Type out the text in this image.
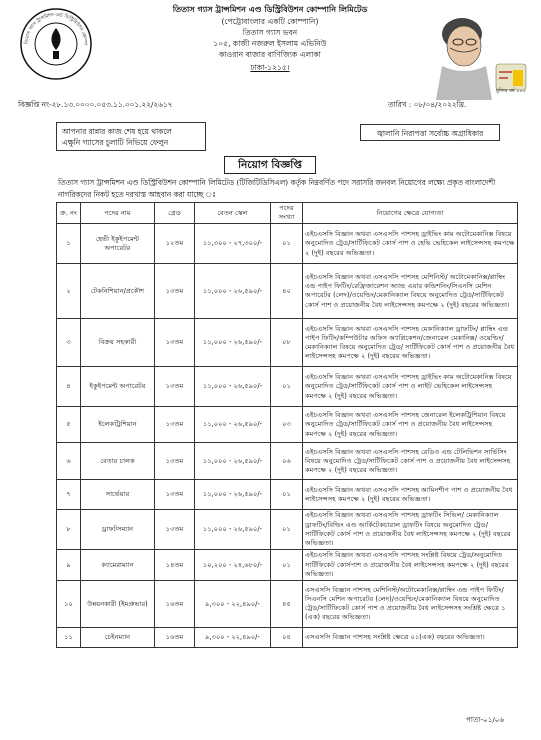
তিতাস গ্যাস ট্রান্সমিশন এন্ড ডিস্ট্রিবিউশন কোম্পা
তিতাস গ্যাস ট্রান্সমিশন এণ্ড ডিস্ট্রিবিউশন কোম্পানি লিমিটেড
(পেট্রোবাংলার একটি কোম্পানি)
তিতাস গ্যাস ভবন
১০৫, কাজী নজরুল ইসলাম এভিনিউ
কাওরান বাজার বাণিজ্যিক এলাকা
ঢাকা-১২১৫।
মুজিব বর্ষ ১০০
বিজ্ঞপ্তি নং-২৮.১৩.০০০০.০৫৩.১১.০০১.২২/২৬১৭	তারিখ : ০৮/০৪/২০২২খ্রি.
আপনার রান্নার কাজ শেষ হয়ে থাকলে
এক্ষুনি গ্যাসের চুলাটি নিভিয়ে ফেলুন
জ্বালানি নিরাপত্তা সর্বোচ্চ অগ্রাধিকার
নিয়োগ বিজ্ঞপ্তি
তিতাস গ্যাস ট্রান্সমিশন এণ্ড ডিস্ট্রিবিউশন কোম্পানি লিমিটেড (টিজিটিডিসিএল) কর্তৃক নিম্নবর্ণিত পদে সরাসরি জনবল নিয়োগের লক্ষ্যে প্রকৃত বাংলাদেশী নাগরিকদের নিকট হতে দরখাস্ত আহবান করা যাচ্ছে ঃ
ক্র. নং	পদের নাম	গ্রেড	বেতন স্কেল	পদের সংখ্যা	নিয়োগের ক্ষেত্রে যোগ্যতা
১	হেভী ইকুইপমেন্ট অপারেটর	১২তম	১১,৩০০ - ২৭,৩০০/-	০১	এইচএসসি বিজ্ঞান অথবা এসএসসি পাশসহ ড্রাইভিং কাম অটোমেকানিক্স বিষয়ে অনুমোদিত ট্রেড/সার্টিফিকেট কোর্স পাশ ও হেভি ভেহিকেল লাইসেন্সসহ কমপক্ষে ২ (দুই) বছরের অভিজ্ঞতা।
২	টেকনিশিয়ান/প্রকৌশ	১৩তম	১১,০০০ - ২৬,৫৯০/-	৪০	এইচএসসি বিজ্ঞান অথবা এসএসসি পাশসহ মেশিনিস্ট/ অটোমেকানিক্স/প্লাম্বিং এন্ড পাইপ ফিটিং/রেফ্রিজারেশন অ্যান্ড এয়ার কন্ডিশনিং/সিএনসি মেশিন অপারেটর (লেদ)/ওয়েল্ডিং/মেকানিক্যাল বিষয়ে অনুমোদিত ট্রেড/সার্টিফিকেট কোর্স পাশ ও প্রয়োজনীয় বৈধ লাইসেন্সসহ কমপক্ষে ২ (দুই) বছরের অভিজ্ঞতা।
৩	বিক্রয় সহকারী	১৩তম	১১,০০০ - ২৬,৫৯০/-	০৮	এইচএসসি বিজ্ঞান অথবা এসএসসি পাশসহ মেকানিক্যাল ড্রাফটিং/ প্লাম্বিং এন্ড পাইপ ফিটিং/কম্পিউটার অফিস অ্যাপ্লিকেশন/জেনারেল মেকানিক্স/ ওয়েল্ডিং/মেকানিক্যাল বিষয়ে অনুমোদিত ট্রেড/ সার্টিফিকেট কোর্স পাশ ও প্রয়োজনীয় বৈধ লাইসেন্সসহ কমপক্ষে ২ (দুই) বছরের অভিজ্ঞতা।
৪	ইকুইপমেন্ট অপারেটর	১৩তম	১১,০০০ - ২৬,৫৯০/-	০১	এইচএসসি বিজ্ঞান অথবা এসএসসি পাশসহ ড্রাইভিং কাম অটোমেকানিক্স বিষয়ে অনুমোদিত ট্রেড/সার্টিফিকেট কোর্স পাশ ও লাইট ভেহিকেল লাইসেন্সসহ কমপক্ষে ২ (দুই) বছরের অভিজ্ঞতা।
৫	ইলেকট্রিশিয়ান	১৩তম	১১,০০০ - ২৬,৫৯০/-	০৩	এইচএসসি বিজ্ঞান অথবা এসএসসি পাশসহ জেনারেল ইলেকট্রিশিয়ান বিষয়ে অনুমোদিত ট্রেড/সার্টিফিকেট কোর্স পাশ ও প্রয়োজনীয় বৈধ লাইসেন্সসহ কমপক্ষে ২ (দুই) বছরের অভিজ্ঞতা।
৬	বেতার চালক	১৩তম	১১,০০০ - ২৬,৫৯০/-	০৬	এইচএসসি বিজ্ঞান অথবা এসএসসি পাশসহ রেডিও এন্ড টেলিভিশন সার্ভিসিং বিষয়ে অনুমোদিত ট্রেড/সার্টিফিকেট কোর্স পাশ ও প্রয়োজনীয় বৈধ লাইসেন্সসহ কমপক্ষে ২ (দুই) বছরের অভিজ্ঞতা।
৭	সার্ভেয়ার	১৩তম	১১,০০০ - ২৬,৫৯০/-	০১	এইচএসসি বিজ্ঞান অথবা এসএসসি পাশসহ আমিনশীপ পাশ ও প্রয়োজনীয় বৈধ লাইসেন্সসহ কমপক্ষে ২ (দুই) বছরের অভিজ্ঞতা।
৮	ড্রাফটসম্যান	১৩তম	১১,০০০ - ২৬,৫৯০/-	০১	এইচএসসি বিজ্ঞান অথবা এসএসসি পাশসহ ড্রাফটিং সিভিল/ মেকানিক্যাল ড্রাফটিং/বিল্ডিং এণ্ড আর্কিটেকচারাল ড্রাফটিং বিষয়ে অনুমোদিত ট্রেড/সার্টিফিকেট কোর্স পাশ ও প্রয়োজনীয় বৈধ লাইসেন্সসহ কমপক্ষে ২ (দুই) বছরের অভিজ্ঞতা।
৯	ক্যামেরাম্যান	১৪তম	১০,২০০ - ২৪,৬৮০/-	০১	এইচএসসি বিজ্ঞান অথবা এসএসসি পাশসহ সংশ্লিষ্ট বিষয়ে ট্রেড/অনুমোদিত সার্টিফিকেট কোর্সপাশ ও প্রয়োজনীয় বৈধ লাইসেন্সসহ কমপক্ষে ২ (দুই) বছরের অভিজ্ঞতা।
১০	উন্নয়নকারী (ইমপ্রুভার)	১৬তম	৯,৩০০ - ২২,৪৯০/-	৪৫	এসএসসি বিজ্ঞান পাশসহ মেশিনিস্ট/অটোমেকানিক্স/প্লাম্বিং এন্ড পাইপ ফিটিং/সিএনসি মেশিন অপারেটর (লেদ)/ওয়েল্ডিং/মেকানিক্যাল বিষয়ে অনুমোদিত ট্রেড/সার্টিফিকেট কোর্স পাশ ও প্রয়োজনীয় বৈধ লাইসেন্সসহ সংশ্লিষ্ট ক্ষেত্রে ১ (এক) বছরের অভিজ্ঞতা।
১১	চেইনম্যান	১৬তম	৯,৩০০ - ২২,৪৯০/-	০৪	এসএসসি বিজ্ঞান পাশসহ সংশ্লিষ্ট ক্ষেত্রে ০১(এক) বছরের অভিজ্ঞতা।
পাতা-০১/০৬
